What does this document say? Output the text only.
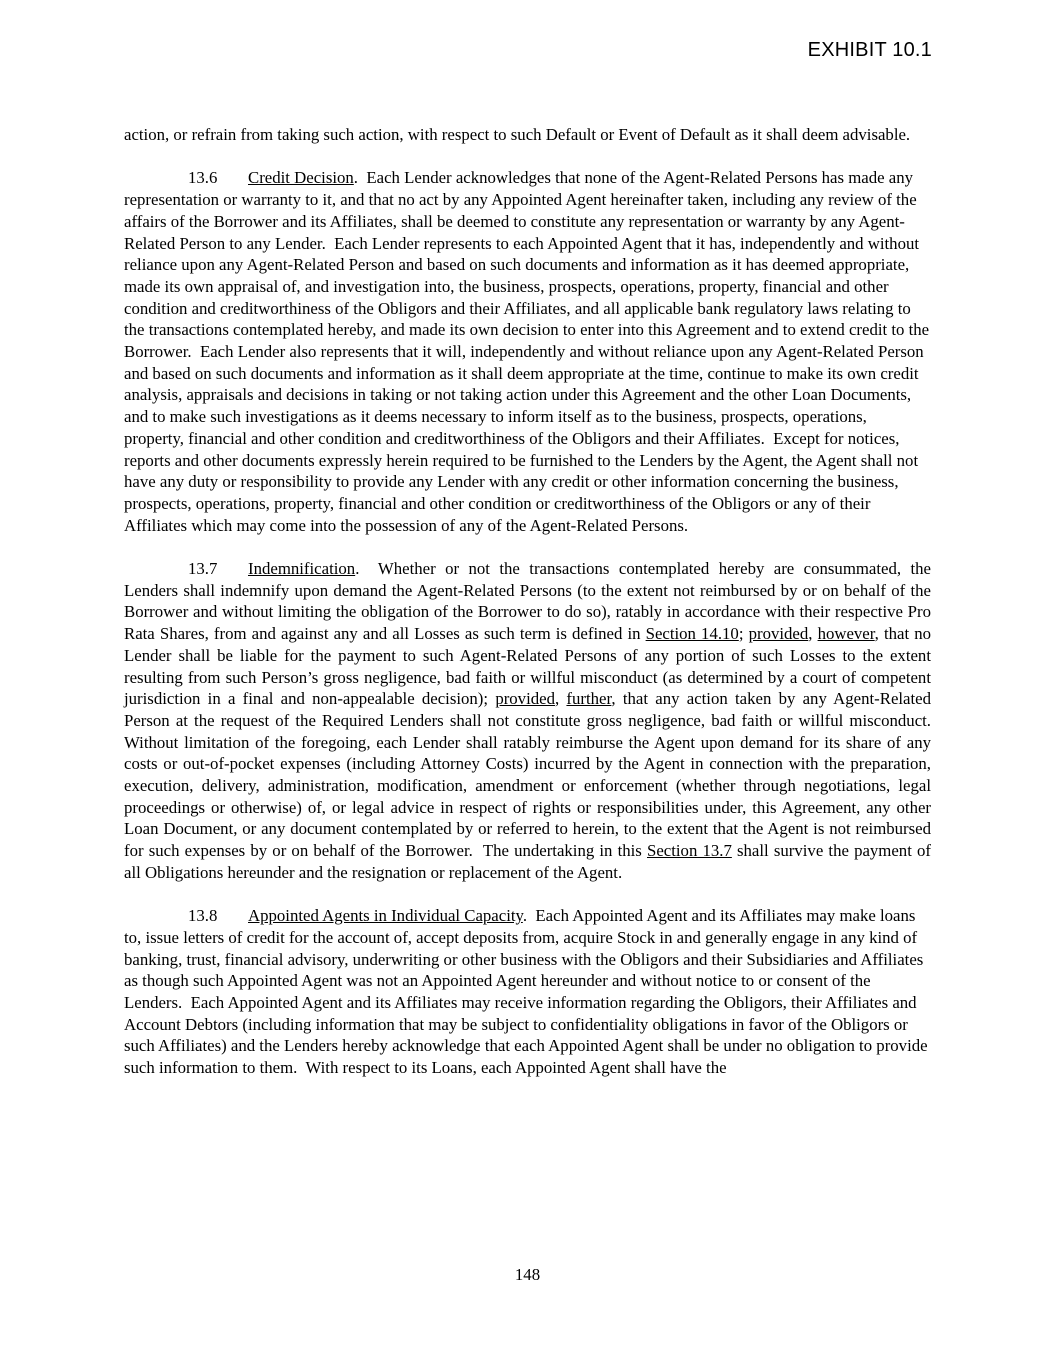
EXHIBIT 10.1

action, or refrain from taking such action, with respect to such Default or Event of Default as it shall deem advisable.

13.6 Credit Decision.  Each Lender acknowledges that none of the Agent-Related Persons has made any representation or warranty to it, and that no act by any Appointed Agent hereinafter taken, including any review of the affairs of the Borrower and its Affiliates, shall be deemed to constitute any representation or warranty by any Agent-Related Person to any Lender.  Each Lender represents to each Appointed Agent that it has, independently and without reliance upon any Agent-Related Person and based on such documents and information as it has deemed appropriate, made its own appraisal of, and investigation into, the business, prospects, operations, property, financial and other condition and creditworthiness of the Obligors and their Affiliates, and all applicable bank regulatory laws relating to the transactions contemplated hereby, and made its own decision to enter into this Agreement and to extend credit to the Borrower.  Each Lender also represents that it will, independently and without reliance upon any Agent-Related Person and based on such documents and information as it shall deem appropriate at the time, continue to make its own credit analysis, appraisals and decisions in taking or not taking action under this Agreement and the other Loan Documents, and to make such investigations as it deems necessary to inform itself as to the business, prospects, operations, property, financial and other condition and creditworthiness of the Obligors and their Affiliates.  Except for notices, reports and other documents expressly herein required to be furnished to the Lenders by the Agent, the Agent shall not have any duty or responsibility to provide any Lender with any credit or other information concerning the business, prospects, operations, property, financial and other condition or creditworthiness of the Obligors or any of their Affiliates which may come into the possession of any of the Agent-Related Persons.

13.7 Indemnification.  Whether or not the transactions contemplated hereby are consummated, the Lenders shall indemnify upon demand the Agent-Related Persons (to the extent not reimbursed by or on behalf of the Borrower and without limiting the obligation of the Borrower to do so), ratably in accordance with their respective Pro Rata Shares, from and against any and all Losses as such term is defined in Section 14.10; provided, however, that no Lender shall be liable for the payment to such Agent-Related Persons of any portion of such Losses to the extent resulting from such Person’s gross negligence, bad faith or willful misconduct (as determined by a court of competent jurisdiction in a final and non-appealable decision); provided, further, that any action taken by any Agent-Related Person at the request of the Required Lenders shall not constitute gross negligence, bad faith or willful misconduct.  Without limitation of the foregoing, each Lender shall ratably reimburse the Agent upon demand for its share of any costs or out-of-pocket expenses (including Attorney Costs) incurred by the Agent in connection with the preparation, execution, delivery, administration, modification, amendment or enforcement (whether through negotiations, legal proceedings or otherwise) of, or legal advice in respect of rights or responsibilities under, this Agreement, any other Loan Document, or any document contemplated by or referred to herein, to the extent that the Agent is not reimbursed for such expenses by or on behalf of the Borrower.  The undertaking in this Section 13.7 shall survive the payment of all Obligations hereunder and the resignation or replacement of the Agent.

13.8 Appointed Agents in Individual Capacity.  Each Appointed Agent and its Affiliates may make loans to, issue letters of credit for the account of, accept deposits from, acquire Stock in and generally engage in any kind of banking, trust, financial advisory, underwriting or other business with the Obligors and their Subsidiaries and Affiliates as though such Appointed Agent was not an Appointed Agent hereunder and without notice to or consent of the Lenders.  Each Appointed Agent and its Affiliates may receive information regarding the Obligors, their Affiliates and Account Debtors (including information that may be subject to confidentiality obligations in favor of the Obligors or such Affiliates) and the Lenders hereby acknowledge that each Appointed Agent shall be under no obligation to provide such information to them.  With respect to its Loans, each Appointed Agent shall have the

148
